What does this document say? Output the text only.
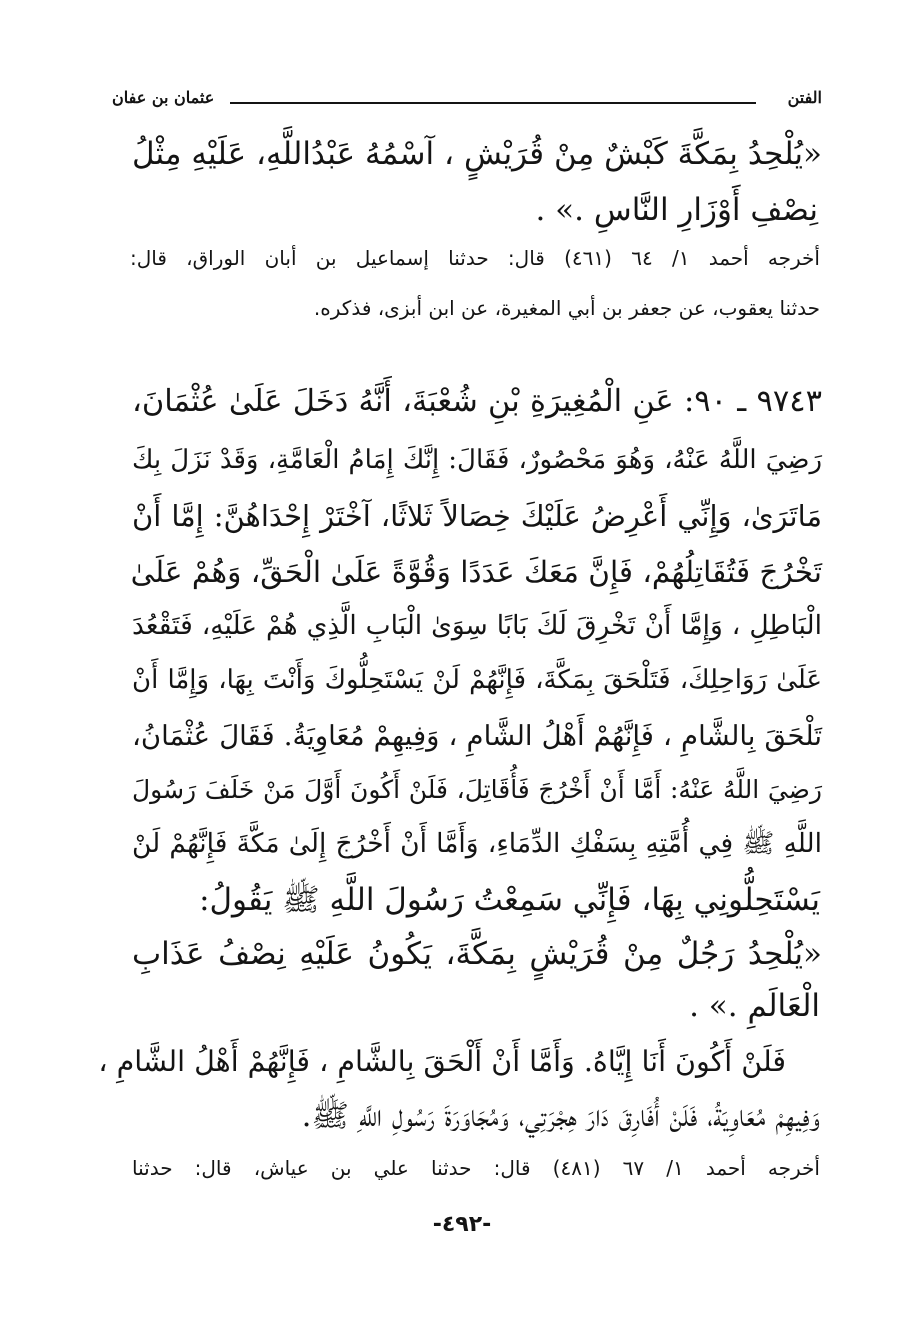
الفتن
عثمان بن عفان
«يُلْحِدُ بِمَكَّةَ كَبْشٌ مِنْ قُرَيْشٍ ، آسْمُهُ عَبْدُاللَّهِ، عَلَيْهِ مِثْلُ
نِصْفِ أَوْزَارِ النَّاسِ .» .
أخرجه أحمد ١/ ٦٤ (٤٦١) قال: حدثنا إسماعيل بن أبان الوراق، قال:
حدثنا يعقوب، عن جعفر بن أبي المغيرة، عن ابن أبزى، فذكره.
٩٧٤٣ ـ ٩٠: عَنِ الْمُغِيرَةِ بْنِ شُعْبَةَ، أَنَّهُ دَخَلَ عَلَىٰ عُثْمَانَ،
رَضِيَ اللَّهُ عَنْهُ، وَهُوَ مَحْصُورٌ، فَقَالَ: إِنَّكَ إِمَامُ الْعَامَّةِ، وَقَدْ نَزَلَ بِكَ
مَاتَرَىٰ، وَإِنِّي أَعْرِضُ عَلَيْكَ خِصَالاً ثَلاثًا، آخْتَرْ إِحْدَاهُنَّ: إِمَّا أَنْ
تَخْرُجَ فَتُقَاتِلُهُمْ، فَإِنَّ مَعَكَ عَدَدًا وَقُوَّةً عَلَىٰ الْحَقِّ، وَهُمْ عَلَىٰ
الْبَاطِلِ ، وَإِمَّا أَنْ تَخْرِقَ لَكَ بَابًا سِوَىٰ الْبَابِ الَّذِي هُمْ عَلَيْهِ، فَتَقْعُدَ
عَلَىٰ رَوَاحِلِكَ، فَتَلْحَقَ بِمَكَّةَ، فَإِنَّهُمْ لَنْ يَسْتَحِلُّوكَ وَأَنْتَ بِهَا، وَإِمَّا أَنْ
تَلْحَقَ بِالشَّامِ ، فَإِنَّهُمْ أَهْلُ الشَّامِ ، وَفِيهِمْ مُعَاوِيَةُ. فَقَالَ عُثْمَانُ،
رَضِيَ اللَّهُ عَنْهُ: أَمَّا أَنْ أَخْرُجَ فَأُقَاتِلَ، فَلَنْ أَكُونَ أَوَّلَ مَنْ خَلَفَ رَسُولَ
اللَّهِ ﷺ فِي أُمَّتِهِ بِسَفْكِ الدِّمَاءِ، وَأَمَّا أَنْ أَخْرُجَ إِلَىٰ مَكَّةَ فَإِنَّهُمْ لَنْ
يَسْتَحِلُّونِي بِهَا، فَإِنِّي سَمِعْتُ رَسُولَ اللَّهِ ﷺ يَقُولُ:
«يُلْحِدُ رَجُلٌ مِنْ قُرَيْشٍ بِمَكَّةَ، يَكُونُ عَلَيْهِ نِصْفُ عَذَابِ
الْعَالَمِ .» .
فَلَنْ أَكُونَ أَنَا إِيَّاهُ. وَأَمَّا أَنْ أَلْحَقَ بِالشَّامِ ، فَإِنَّهُمْ أَهْلُ الشَّامِ ،
وَفِيهِمْ مُعَاوِيَةُ، فَلَنْ أُفَارِقَ دَارَ هِجْرَتِي، وَمُجَاوَرَةَ رَسُولِ اللَّهِ ﷺ.
أخرجه أحمد ١/ ٦٧ (٤٨١) قال: حدثنا علي بن عياش، قال: حدثنا
-٤٩٢-
